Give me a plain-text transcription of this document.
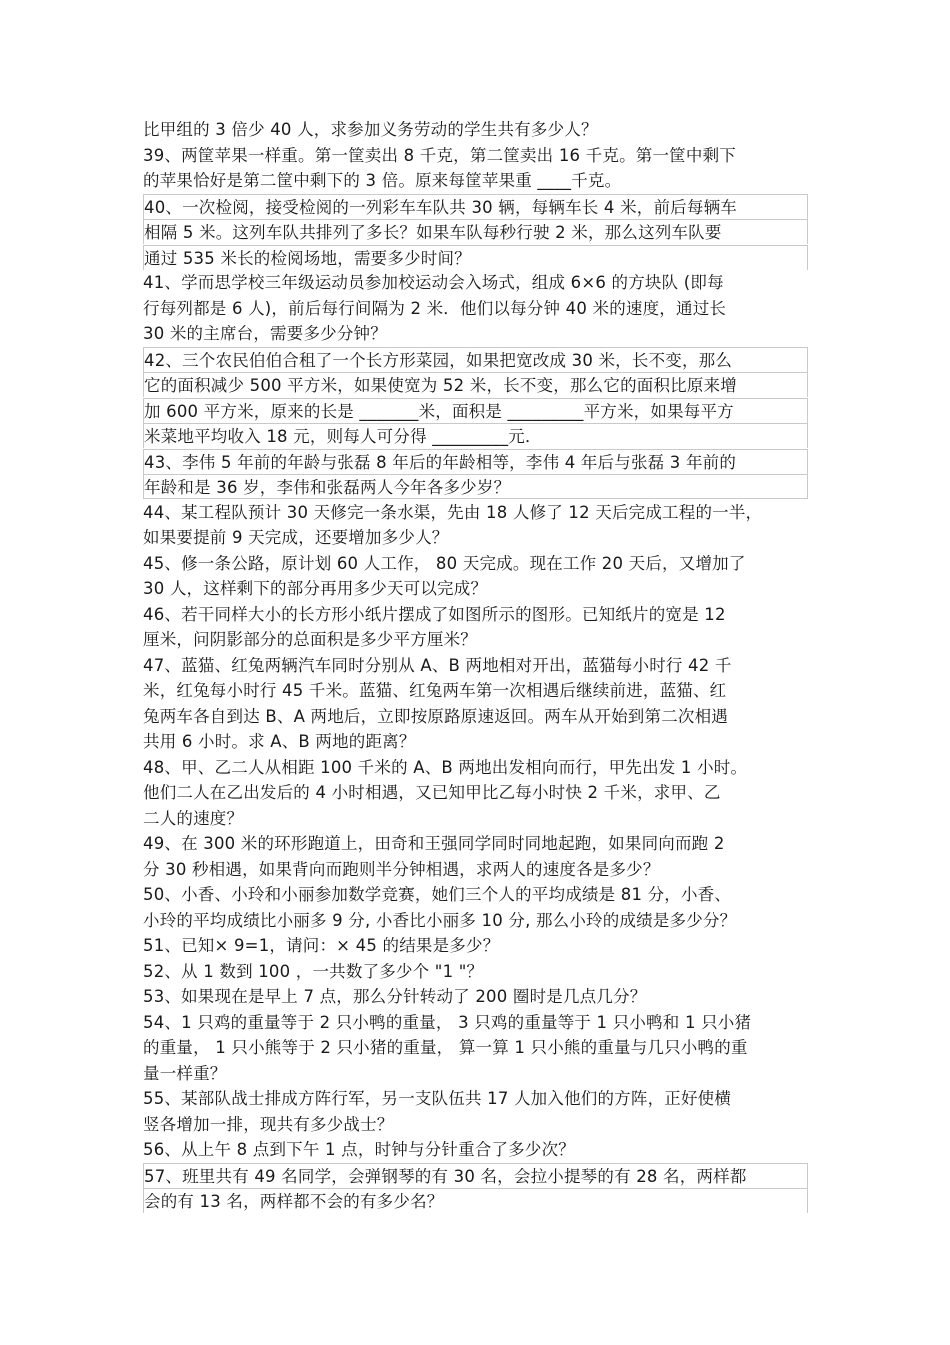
比甲组的 3 倍少 40 人，求参加义务劳动的学生共有多少人？
39、两筐苹果一样重。第一筐卖出 8 千克，第二筐卖出 16 千克。第一筐中剩下
的苹果恰好是第二筐中剩下的 3 倍。原来每筐苹果重 ____千克。
40、一次检阅，接受检阅的一列彩车车队共 30 辆，每辆车长 4 米，前后每辆车
相隔 5 米。这列车队共排列了多长？如果车队每秒行驶 2 米，那么这列车队要
通过 535 米长的检阅场地，需要多少时间？
41、学而思学校三年级运动员参加校运动会入场式，组成 6×6 的方块队 (即每
行每列都是 6 人)，前后每行间隔为 2 米．他们以每分钟 40 米的速度，通过长
30 米的主席台，需要多少分钟？
42、三个农民伯伯合租了一个长方形菜园，如果把宽改成 30 米，长不变，那么
它的面积减少 500 平方米，如果使宽为 52 米，长不变，那么它的面积比原来增
加 600 平方米，原来的长是 _______米，面积是 _________平方米，如果每平方
米菜地平均收入 18 元，则每人可分得 _________元．
43、李伟 5 年前的年龄与张磊 8 年后的年龄相等，李伟 4 年后与张磊 3 年前的
年龄和是 36 岁，李伟和张磊两人今年各多少岁？
44、某工程队预计 30 天修完一条水渠，先由 18 人修了 12 天后完成工程的一半，
如果要提前 9 天完成，还要增加多少人？
45、修一条公路，原计划 60 人工作， 80 天完成。现在工作 20 天后，又增加了
30 人，这样剩下的部分再用多少天可以完成？
46、若干同样大小的长方形小纸片摆成了如图所示的图形。已知纸片的宽是 12
厘米，问阴影部分的总面积是多少平方厘米？
47、蓝猫、红兔两辆汽车同时分别从 A、B 两地相对开出，蓝猫每小时行 42 千
米，红兔每小时行 45 千米。蓝猫、红兔两车第一次相遇后继续前进，蓝猫、红
兔两车各自到达 B、A 两地后，立即按原路原速返回。两车从开始到第二次相遇
共用 6 小时。求 A、B 两地的距离？
48、甲、乙二人从相距 100 千米的 A、B 两地出发相向而行，甲先出发 1 小时。
他们二人在乙出发后的 4 小时相遇，又已知甲比乙每小时快 2 千米，求甲、乙
二人的速度？
49、在 300 米的环形跑道上，田奇和王强同学同时同地起跑，如果同向而跑 2
分 30 秒相遇，如果背向而跑则半分钟相遇，求两人的速度各是多少？
50、小香、小玲和小丽参加数学竞赛，她们三个人的平均成绩是 81 分，小香、
小玲的平均成绩比小丽多 9 分, 小香比小丽多 10 分, 那么小玲的成绩是多少分？
51、已知× 9=1，请问：× 45 的结果是多少？
52、从 1 数到 100 ，一共数了多少个 "1 "？
53、如果现在是早上 7 点，那么分针转动了 200 圈时是几点几分？
54、1 只鸡的重量等于 2 只小鸭的重量， 3 只鸡的重量等于 1 只小鸭和 1 只小猪
的重量， 1 只小熊等于 2 只小猪的重量， 算一算 1 只小熊的重量与几只小鸭的重
量一样重？
55、某部队战士排成方阵行军，另一支队伍共 17 人加入他们的方阵，正好使横
竖各增加一排，现共有多少战士？
56、从上午 8 点到下午 1 点，时钟与分针重合了多少次？
57、班里共有 49 名同学，会弹钢琴的有 30 名，会拉小提琴的有 28 名，两样都
会的有 13 名，两样都不会的有多少名？
